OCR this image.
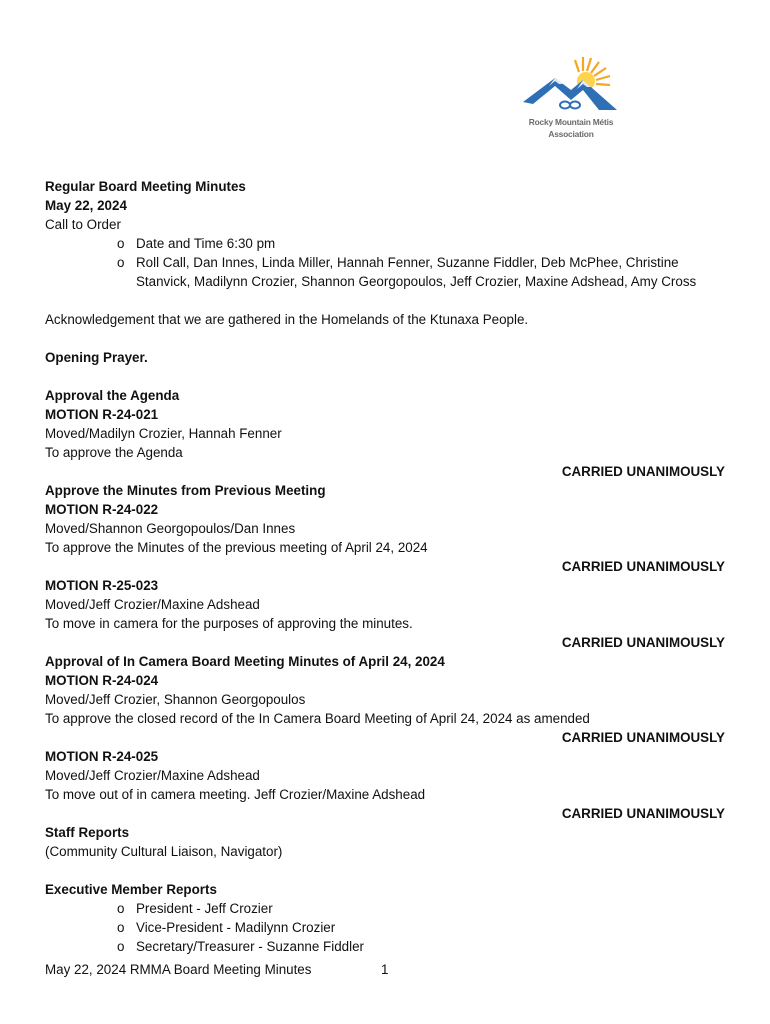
Rocky Mountain Métis
Association
Regular Board Meeting Minutes
May 22, 2024
Call to Order
o Date and Time 6:30 pm
o Roll Call, Dan Innes, Linda Miller, Hannah Fenner, Suzanne Fiddler, Deb McPhee, Christine
Stanvick, Madilynn Crozier, Shannon Georgopoulos, Jeff Crozier, Maxine Adshead, Amy Cross
Acknowledgement that we are gathered in the Homelands of the Ktunaxa People.
Opening Prayer.
Approval the Agenda
MOTION R-24-021
Moved/Madilyn Crozier, Hannah Fenner
To approve the Agenda
CARRIED UNANIMOUSLY
Approve the Minutes from Previous Meeting
MOTION R-24-022
Moved/Shannon Georgopoulos/Dan Innes
To approve the Minutes of the previous meeting of April 24, 2024
CARRIED UNANIMOUSLY
MOTION R-25-023
Moved/Jeff Crozier/Maxine Adshead
To move in camera for the purposes of approving the minutes.
CARRIED UNANIMOUSLY
Approval of In Camera Board Meeting Minutes of April 24, 2024
MOTION R-24-024
Moved/Jeff Crozier, Shannon Georgopoulos
To approve the closed record of the In Camera Board Meeting of April 24, 2024 as amended
CARRIED UNANIMOUSLY
MOTION R-24-025
Moved/Jeff Crozier/Maxine Adshead
To move out of in camera meeting. Jeff Crozier/Maxine Adshead
CARRIED UNANIMOUSLY
Staff Reports
(Community Cultural Liaison, Navigator)
Executive Member Reports
o President - Jeff Crozier
o Vice-President - Madilynn Crozier
o Secretary/Treasurer - Suzanne Fiddler
May 22, 2024 RMMA Board Meeting Minutes	1
